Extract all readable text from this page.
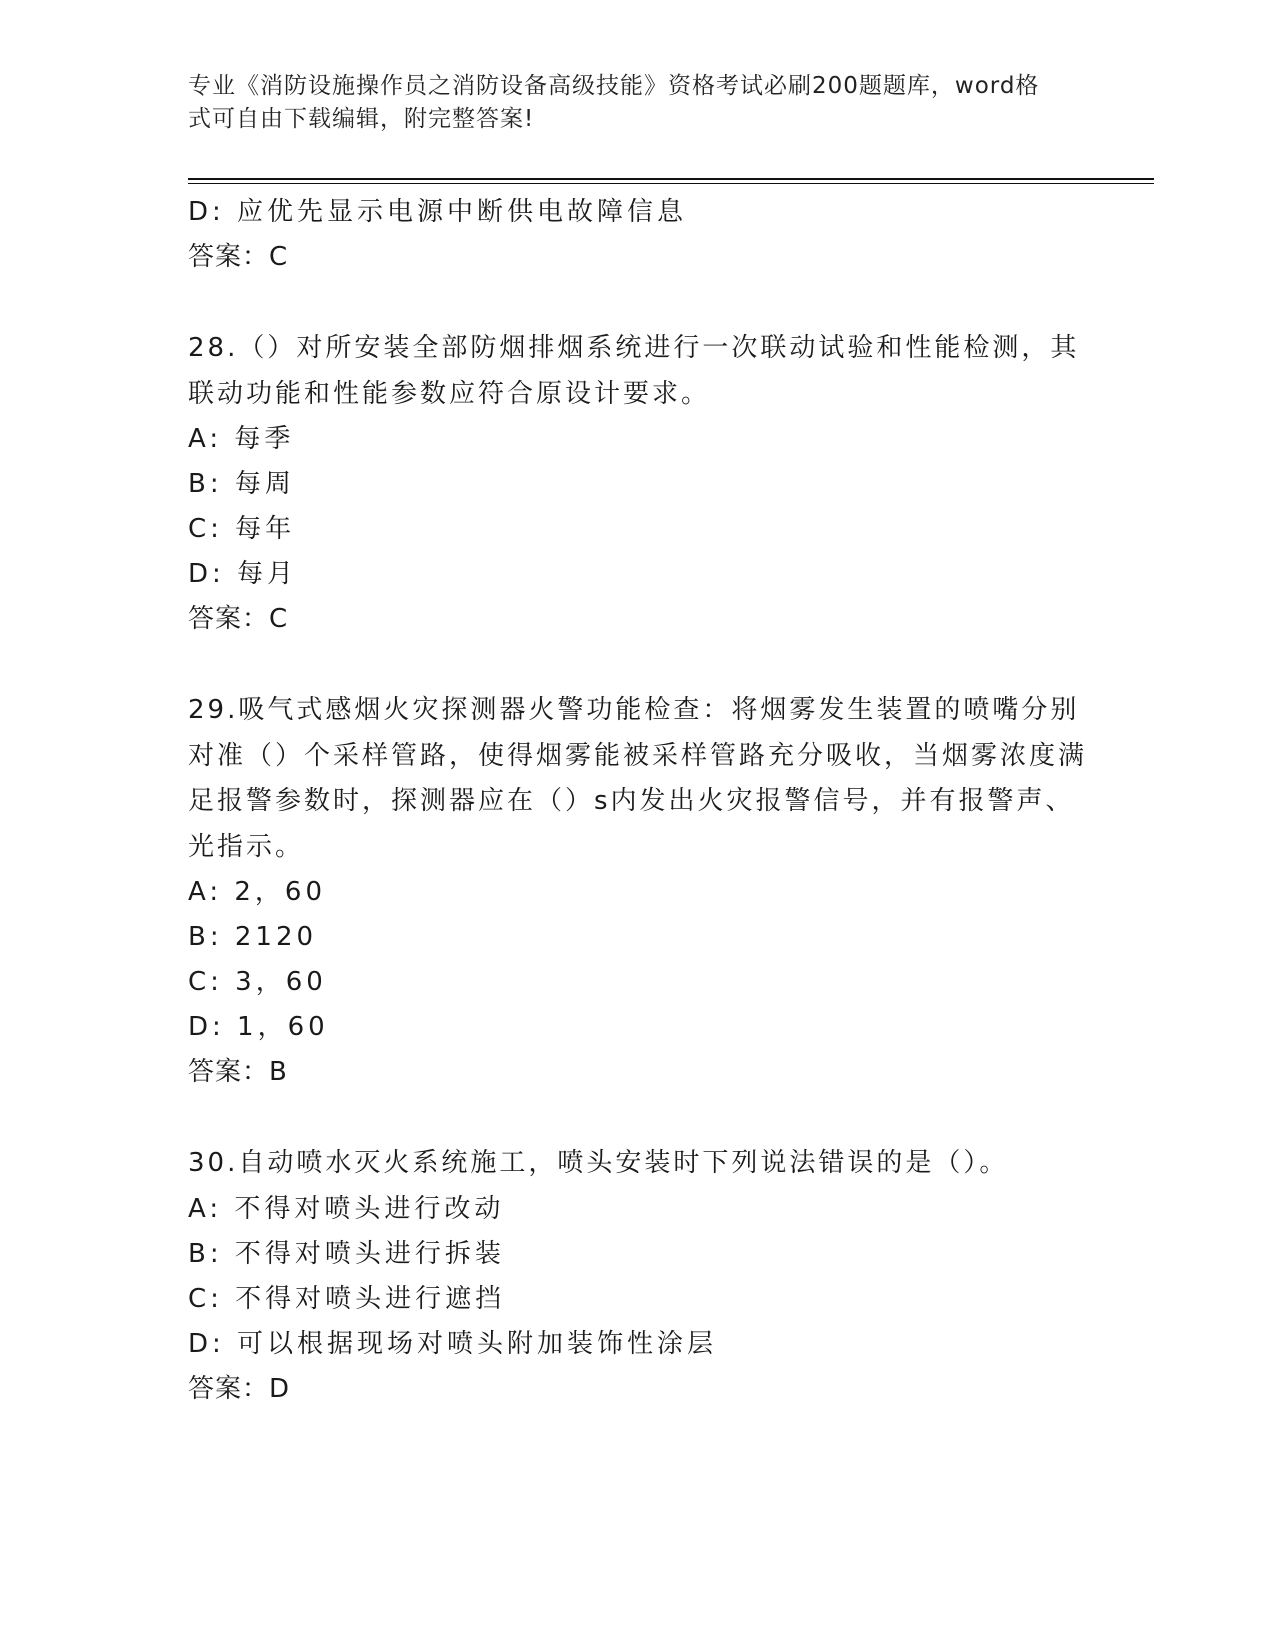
专业《消防设施操作员之消防设备高级技能》资格考试必刷200题题库，word格
式可自由下载编辑，附完整答案!
D: 应优先显示电源中断供电故障信息
答案：C
28.（）对所安装全部防烟排烟系统进行一次联动试验和性能检测，其联动功能和性能参数应符合原设计要求。
A: 每季
B: 每周
C: 每年
D: 每月
答案：C
29.吸气式感烟火灾探测器火警功能检查：将烟雾发生装置的喷嘴分别对准（）个采样管路，使得烟雾能被采样管路充分吸收，当烟雾浓度满足报警参数时，探测器应在（）s内发出火灾报警信号，并有报警声、光指示。
A: 2，60
B: 2120
C: 3，60
D: 1，60
答案：B
30.自动喷水灭火系统施工，喷头安装时下列说法错误的是（）。
A: 不得对喷头进行改动
B: 不得对喷头进行拆装
C: 不得对喷头进行遮挡
D: 可以根据现场对喷头附加装饰性涂层
答案：D
